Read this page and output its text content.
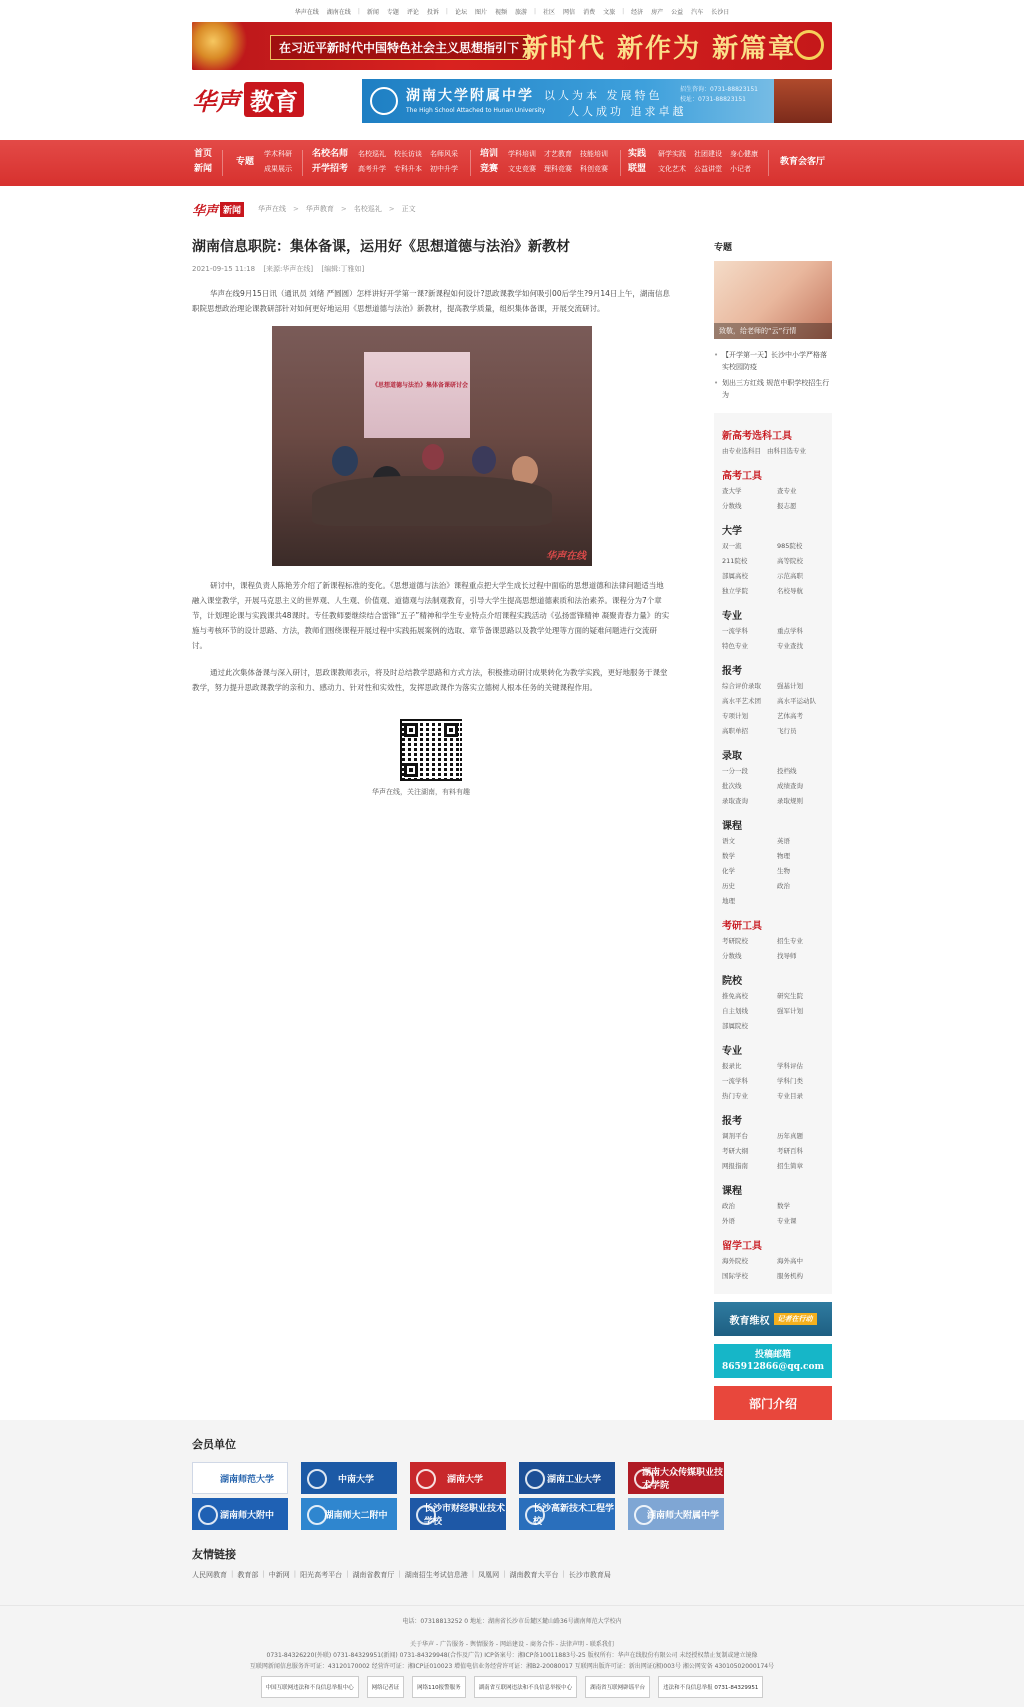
华声在线	湖南在线	|	新闻	专题	评论	投诉	|	论坛	图片	视频	旅游	|	社区	网信	消费	文旅	|	经济	房产	公益	汽车	长沙日
在习近平新时代中国特色社会主义思想指引下 新时代 新作为 新篇章
华声 教育	湖南大学附属中学
The High School Attached to Hunan University
以人为本 发展特色
人人成功 追求卓越
招生咨询：0731-88823151
校址：0731-88823151
首页
新闻
专题
学术科研
成果展示
名校名师
开学招考
名校巡礼 校长访谈 名师风采
高考升学 专科升本 初中升学
培训
竞赛
学科培训 才艺教育 技能培训
文史竞赛 理科竞赛 科创竞赛
实践
联盟
研学实践 社团建设 身心健康
文化艺术 公益讲堂 小记者
教育会客厅
华声 新闻	华声在线 > 华声教育 > 名校巡礼 > 正文
湖南信息职院：集体备课，运用好《思想道德与法治》新教材
2021-09-15 11:18 [来源:华声在线] [编辑:丁雅如]

华声在线9月15日讯（通讯员 刘绪 严圆圆）怎样讲好开学第一课?新课程如何设计?思政课教学如何吸引00后学生?9月14日上午，湖南信息职院思想政治理论课教研部针对如何更好地运用《思想道德与法治》新教材，提高教学质量，组织集体备课，开展交流研讨。

《思想道德与法治》集体备课研讨会
华声在线

研讨中，课程负责人陈艳芳介绍了新课程标准的变化。《思想道德与法治》课程重点把大学生成长过程中面临的思想道德和法律问题适当地融入课堂教学，开展马克思主义的世界观、人生观、价值观、道德观与法制观教育，引导大学生提高思想道德素质和法治素养。课程分为7个章节，计划理论课与实践课共48课时。专任教师要继续结合雷锋“五子”精神和学生专业特点介绍课程实践活动《弘扬雷锋精神 凝聚青春力量》的实施与考核环节的设计思路、方法，教师们围绕课程开展过程中实践拓展案例的选取、章节备课思路以及教学处理等方面的疑难问题进行交流研讨。

通过此次集体备课与深入研讨，思政课教师表示，将及时总结教学思路和方式方法，积极推动研讨成果转化为教学实践，更好地服务于课堂教学，努力提升思政课教学的亲和力、感动力、针对性和实效性，发挥思政课作为落实立德树人根本任务的关键课程作用。

华声在线，关注湖南，有料有趣
专题
致敬，给老师的“云”行情
• 【开学第一天】长沙中小学严格落实校园防疫
• 划出三方红线 规范中职学校招生行为
新高考选科工具
由专业选科目 由科目选专业
高考工具
查大学	查专业
分数线	报志愿
大学
双一流	985院校
211院校	高等院校
部属高校	示范高职
独立学院	名校导航
专业
一流学科	重点学科
特色专业	专业查找
报考
综合评价录取	强基计划
高水平艺术团	高水平运动队
专项计划	艺体高考
高职单招	飞行员
录取
一分一段	投档线
批次线	成绩查询
录取查询	录取规则
课程
语文	英语
数学	物理
化学	生物
历史	政治
地理
考研工具
考研院校	招生专业
分数线	找导师
院校
推免高校	研究生院
自主划线	强军计划
部属院校
专业
报录比	学科评估
一流学科	学科门类
热门专业	专业目录
报考
调剂平台	历年真题
考研大纲	考研百科
网报指南	招生简章
课程
政治	数学
外语	专业课
留学工具
海外院校	海外高中
国际学校	服务机构
教育维权	记者在行动
投稿邮箱
865912866@qq.com
部门介绍
会员单位
湖南师范大学	中南大学	湖南大学	湖南工业大学
湖南大众传媒职业技术学院
湖南师大附中	湖南师大二附中
长沙市财经职业技术学校
长沙高新技术工程学校
湖南师大附属中学
友情链接
人民网教育 | 教育部 | 中新网 | 阳光高考平台 | 湖南省教育厅 | 湖南招生考试信息港 | 凤凰网 | 湖南教育大平台 | 长沙市教育局
电话：07318813252 0 地址：湖南省长沙市岳麓区麓山路36号湖南师范大学校内
关于华声 - 广告服务 - 舆情服务 - 网站建设 - 商务合作 - 法律声明 - 联系我们
0731-84326220(外联) 0731-84329951(新闻) 0731-84329948(合作及广告) ICP备案号：湘ICP备10011883号-25 版权所有：华声在线股份有限公司 未经授权禁止复制或建立镜像
互联网新闻信息服务许可证：43120170002 经营许可证：湘ICP证010023 增值电信业务经营许可证：湘B2-20080017 互联网出版许可证：新出网证(湘)003号 湘公网安备 43010502000174号
中国互联网违法和不良信息举报中心	网络记者证	网络110报警服务	湖南省互联网违法和不良信息举报中心	湖南省互联网辟谣平台	违法和不良信息举报 0731-84329951
